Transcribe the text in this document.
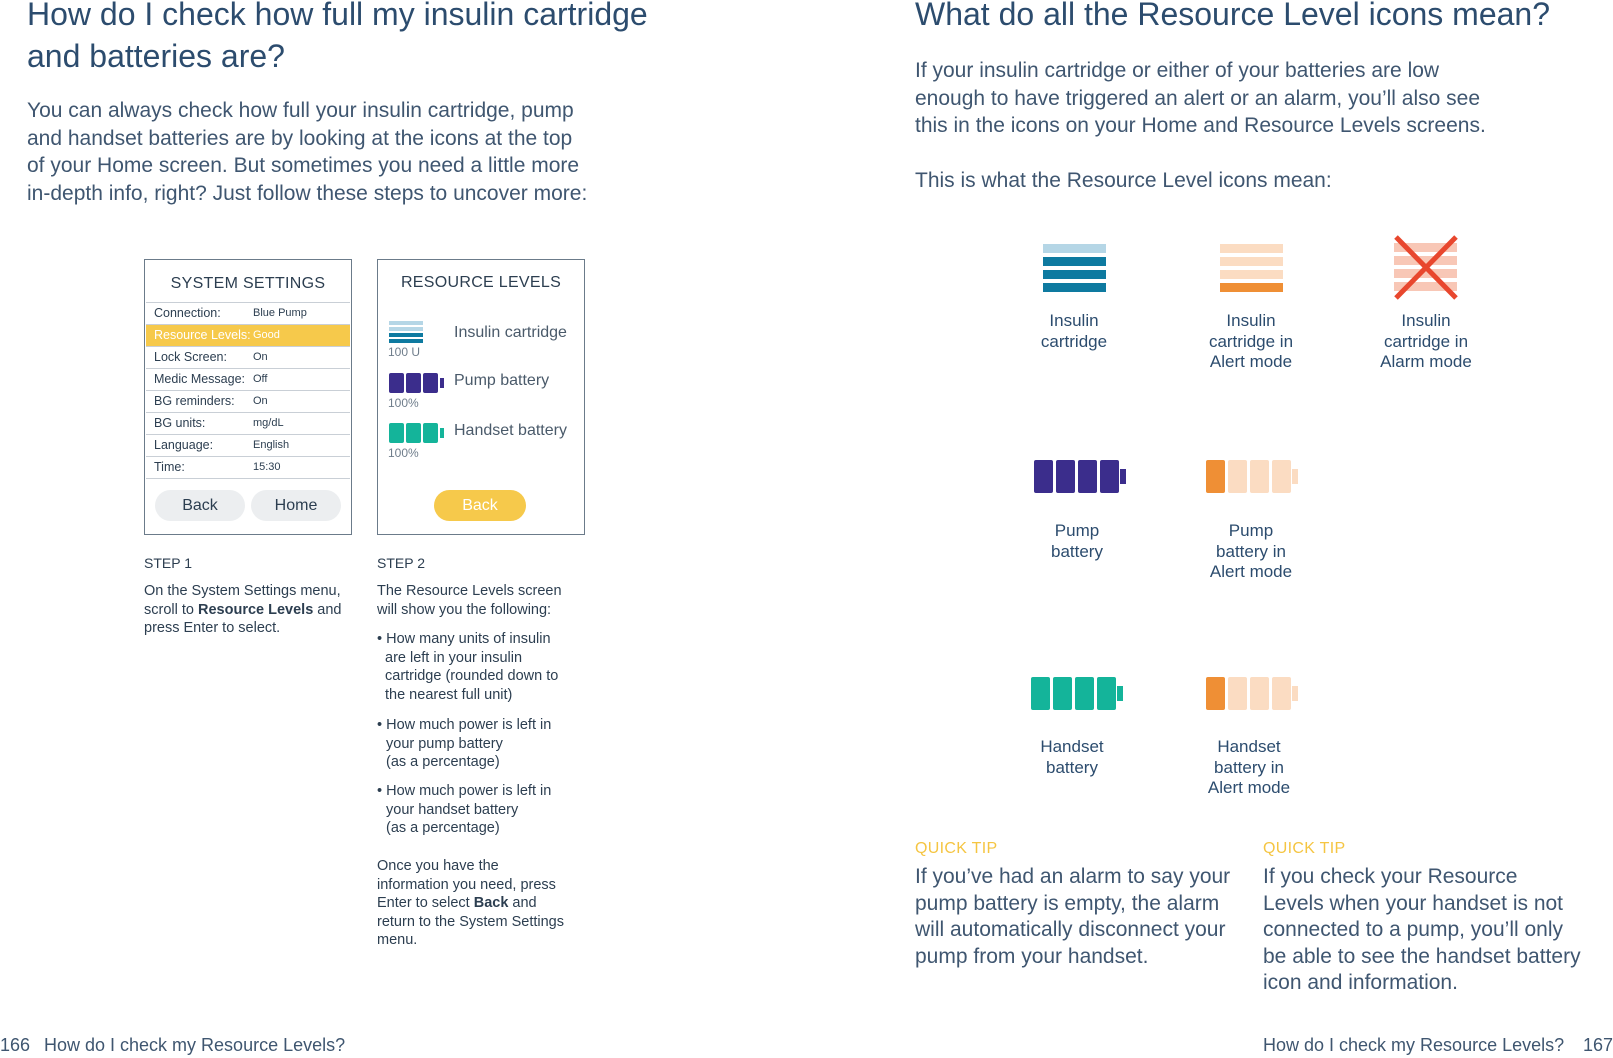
How do I check how full my insulin cartridge
and batteries are?

You can always check how full your insulin cartridge, pump

and handset batteries are by looking at the icons at the top

of your Home screen. But sometimes you need a little more

in-depth info, right? Just follow these steps to uncover more:

SYSTEM SETTINGS
Connection:	Blue Pump
Resource Levels: Good
Lock Screen: On
Medic Message: Off
BG reminders: On
BG units:	mg/dL
Language:	English
Time:	15:30
Back	Home
RESOURCE LEVELS
100 U
Insulin cartridge
100%
Pump battery
100%
Handset battery
Back
STEP 1
On the System Settings menu,
scroll to Resource Levels and
press Enter to select.
STEP 2
The Resource Levels screen
will show you the following:
• How many units of insulin
are left in your insulin
cartridge (rounded down to
the nearest full unit)
• How much power is left in
your pump battery
(as a percentage)
• How much power is left in
your handset battery
(as a percentage)
Once you have the
information you need, press
Enter to select Back and
return to the System Settings
menu.
166 How do I check my Resource Levels?
What do all the Resource Level icons mean?

If your insulin cartridge or either of your batteries are low

enough to have triggered an alert or an alarm, you’ll also see

this in the icons on your Home and Resource Levels screens.

This is what the Resource Level icons mean:

Insulin
cartridge
Insulin
cartridge in
Alert mode
Insulin
cartridge in
Alarm mode
Pump
battery
Pump
battery in
Alert mode
Handset
battery
Handset
battery in
Alert mode
QUICK TIP
If you’ve had an alarm to say your
pump battery is empty, the alarm
will automatically disconnect your
pump from your handset.
QUICK TIP
If you check your Resource
Levels when your handset is not
connected to a pump, you’ll only
be able to see the handset battery
icon and information.
How do I check my Resource Levels? 167
